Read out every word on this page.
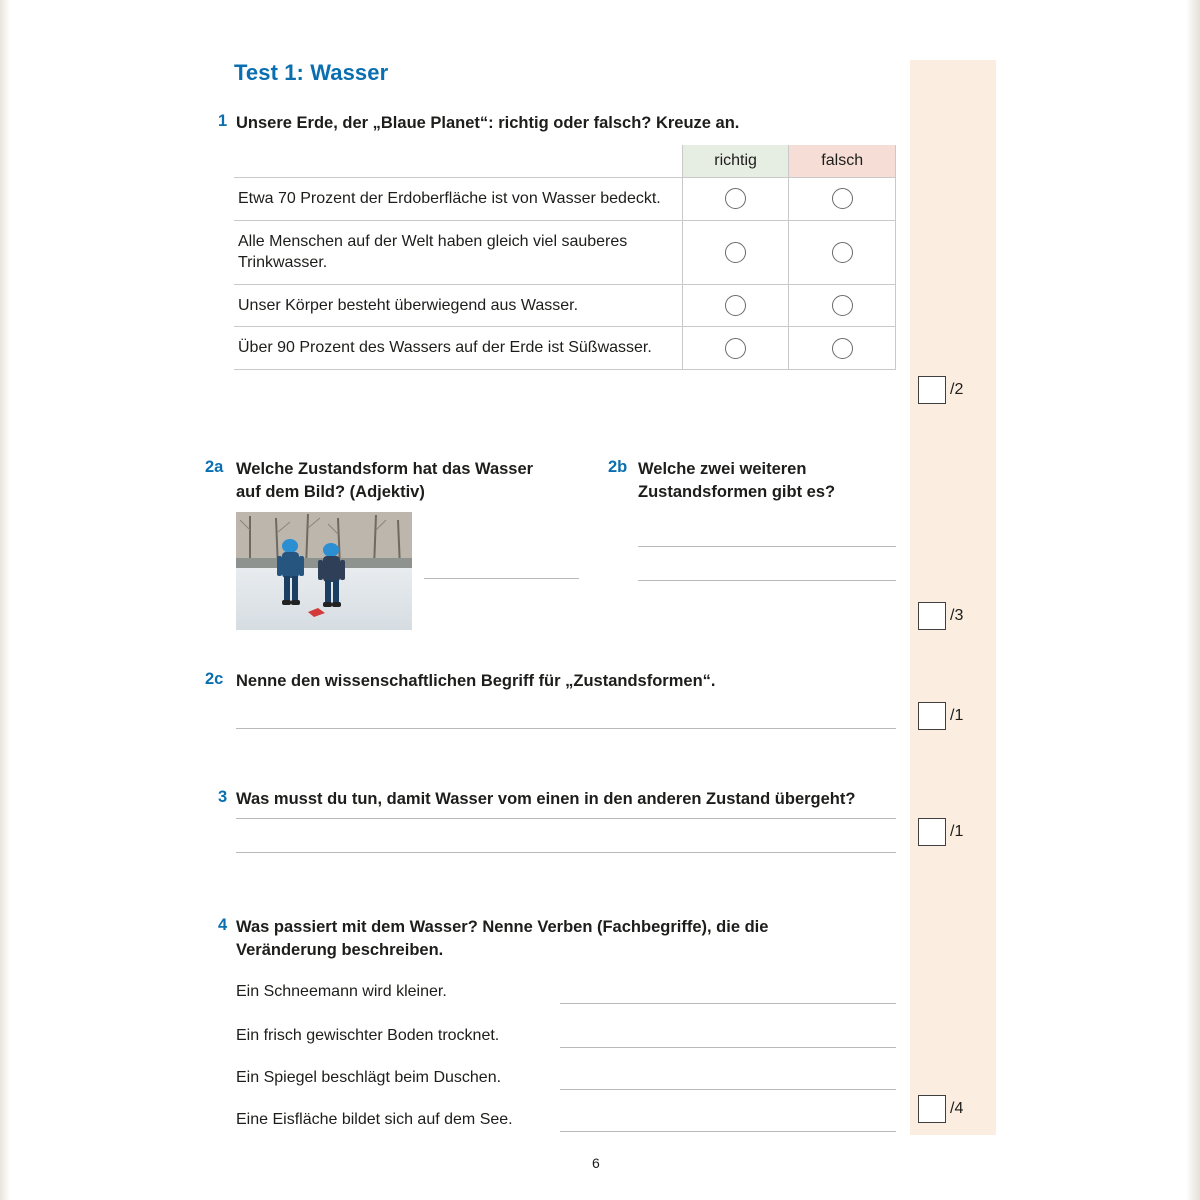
Test 1: Wasser
1 Unsere Erde, der „Blaue Planet“: richtig oder falsch? Kreuze an.
	richtig	falsch
Etwa 70 Prozent der Erdoberfläche ist von Wasser bedeckt.		
Alle Menschen auf der Welt haben gleich viel sauberes Trinkwasser.		
Unser Körper besteht überwiegend aus Wasser.		
Über 90 Prozent des Wassers auf der Erde ist Süßwasser.		
2a Welche Zustandsform hat das Wasser auf dem Bild? (Adjektiv)
2b Welche zwei weiteren Zustandsformen gibt es?
2c Nenne den wissenschaftlichen Begriff für „Zustandsformen“.
3 Was musst du tun, damit Wasser vom einen in den anderen Zustand übergeht?
4 Was passiert mit dem Wasser? Nenne Verben (Fachbegriffe), die die Veränderung beschreiben.
Ein Schneemann wird kleiner.
Ein frisch gewischter Boden trocknet.
Ein Spiegel beschlägt beim Duschen.
Eine Eisfläche bildet sich auf dem See.
6
/2
/3
/1
/1
/4
